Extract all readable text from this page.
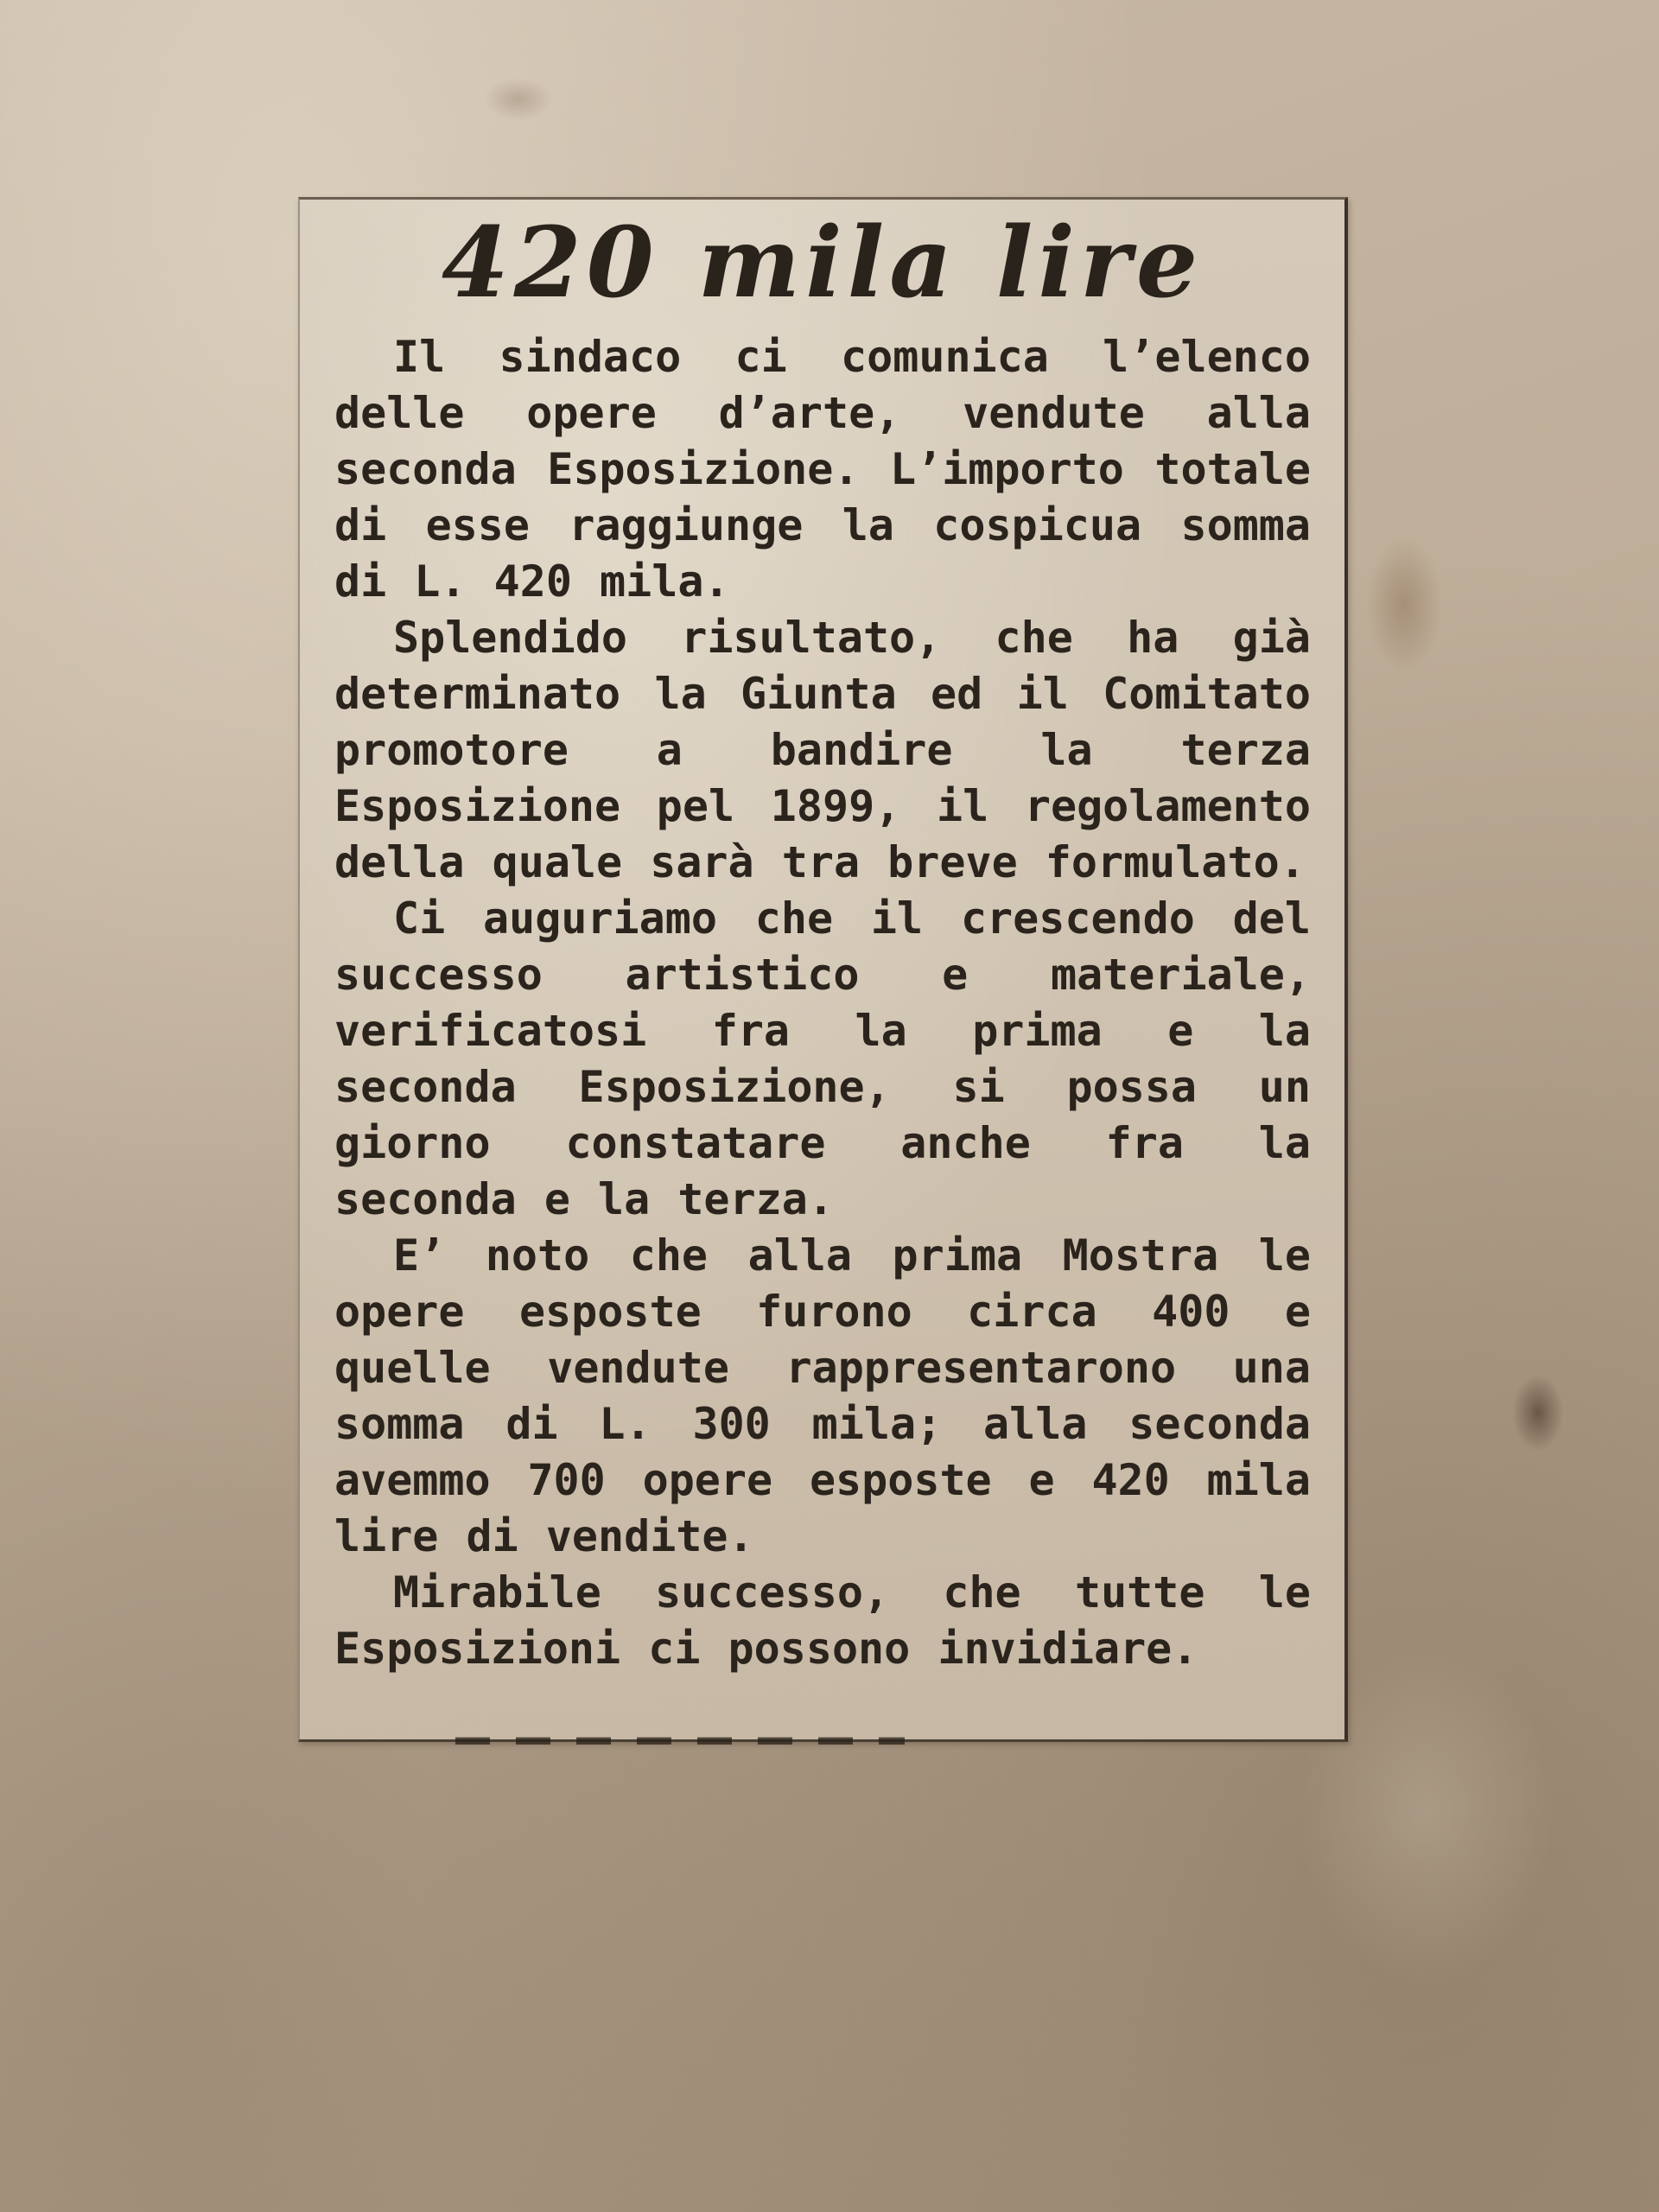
420 mila lire

Il sindaco ci comunica l’elenco delle opere d’arte, vendute alla seconda Esposizione. L’importo totale di esse raggiunge la cospicua somma di L. 420 mila.

Splendido risultato, che ha già determinato la Giunta ed il Comitato promotore a bandire la terza Esposizione pel 1899, il regolamento della quale sarà tra breve formulato.

Ci auguriamo che il crescendo del successo artistico e materiale, verificatosi fra la prima e la seconda Esposizione, si possa un giorno constatare anche fra la seconda e la terza.

E’ noto che alla prima Mostra le opere esposte furono circa 400 e quelle vendute rappresentarono una somma di L. 300 mila; alla seconda avemmo 700 opere esposte e 420 mila lire di vendite.

Mirabile successo, che tutte le Esposizioni ci possono invidiare.
